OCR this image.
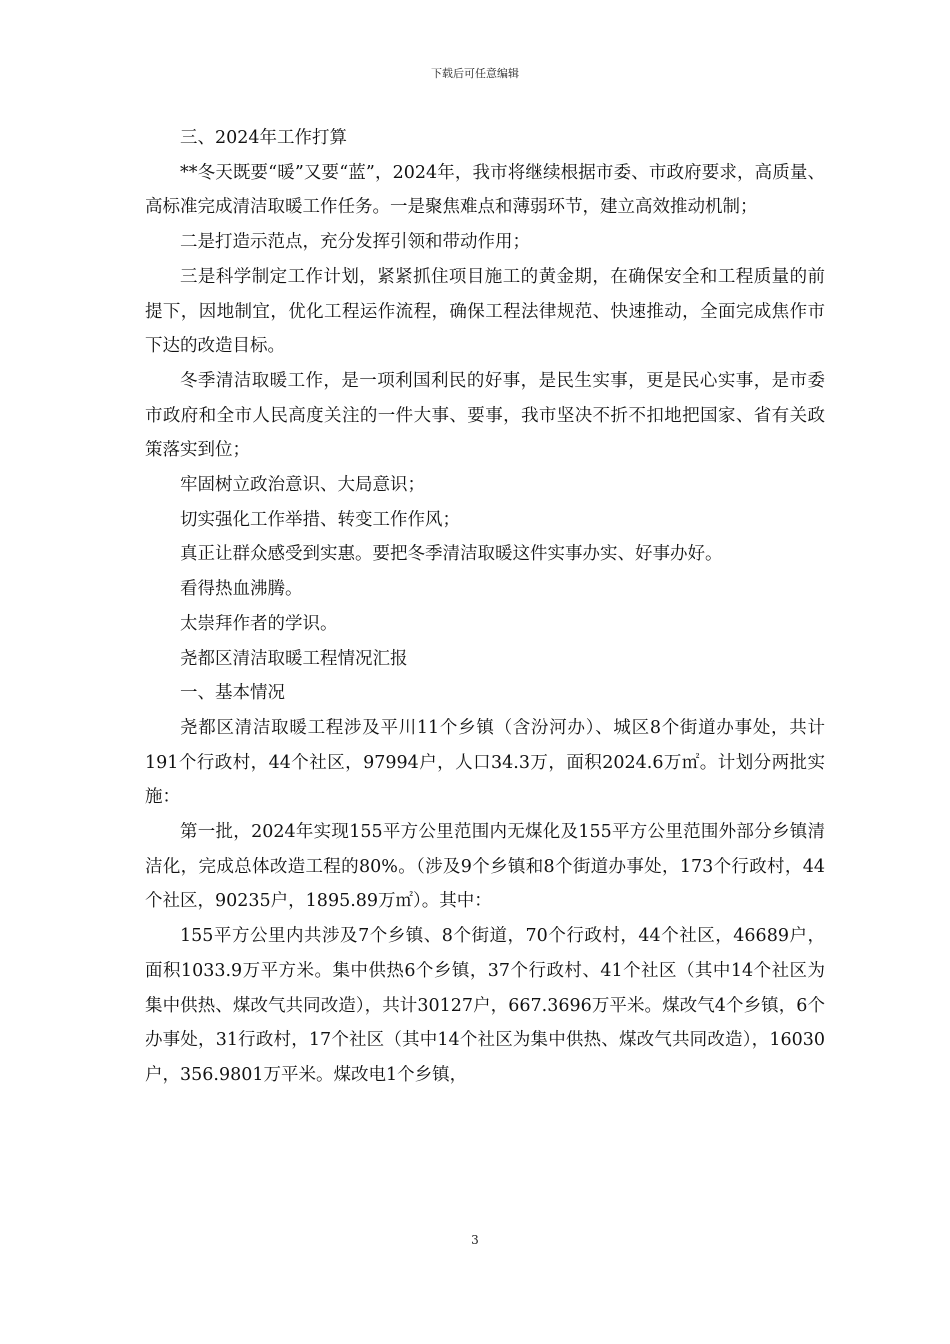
下载后可任意编辑

三、2024年工作打算

**冬天既要“暖”又要“蓝”，2024年，我市将继续根据市委、市政府要求，高质量、高标准完成清洁取暖工作任务。一是聚焦难点和薄弱环节，建立高效推动机制；

二是打造示范点，充分发挥引领和带动作用；

三是科学制定工作计划，紧紧抓住项目施工的黄金期，在确保安全和工程质量的前提下，因地制宜，优化工程运作流程，确保工程法律规范、快速推动，全面完成焦作市下达的改造目标。

冬季清洁取暖工作，是一项利国利民的好事，是民生实事，更是民心实事，是市委市政府和全市人民高度关注的一件大事、要事，我市坚决不折不扣地把国家、省有关政策落实到位；

牢固树立政治意识、大局意识；

切实强化工作举措、转变工作作风；

真正让群众感受到实惠。要把冬季清洁取暖这件实事办实、好事办好。

看得热血沸腾。

太崇拜作者的学识。

尧都区清洁取暖工程情况汇报

一、基本情况

尧都区清洁取暖工程涉及平川11个乡镇（含汾河办）、城区8个街道办事处，共计191个行政村，44个社区，97994户，人口34.3万，面积2024.6万㎡。计划分两批实施：

第一批，2024年实现155平方公里范围内无煤化及155平方公里范围外部分乡镇清洁化，完成总体改造工程的80%。（涉及9个乡镇和8个街道办事处，173个行政村，44个社区，90235户，1895.89万㎡）。其中：

155平方公里内共涉及7个乡镇、8个街道，70个行政村，44个社区，46689户，面积1033.9万平方米。集中供热6个乡镇，37个行政村、41个社区（其中14个社区为集中供热、煤改气共同改造），共计30127户，667.3696万平米。煤改气4个乡镇，6个办事处，31行政村，17个社区（其中14个社区为集中供热、煤改气共同改造），16030户，356.9801万平米。煤改电1个乡镇，

3
